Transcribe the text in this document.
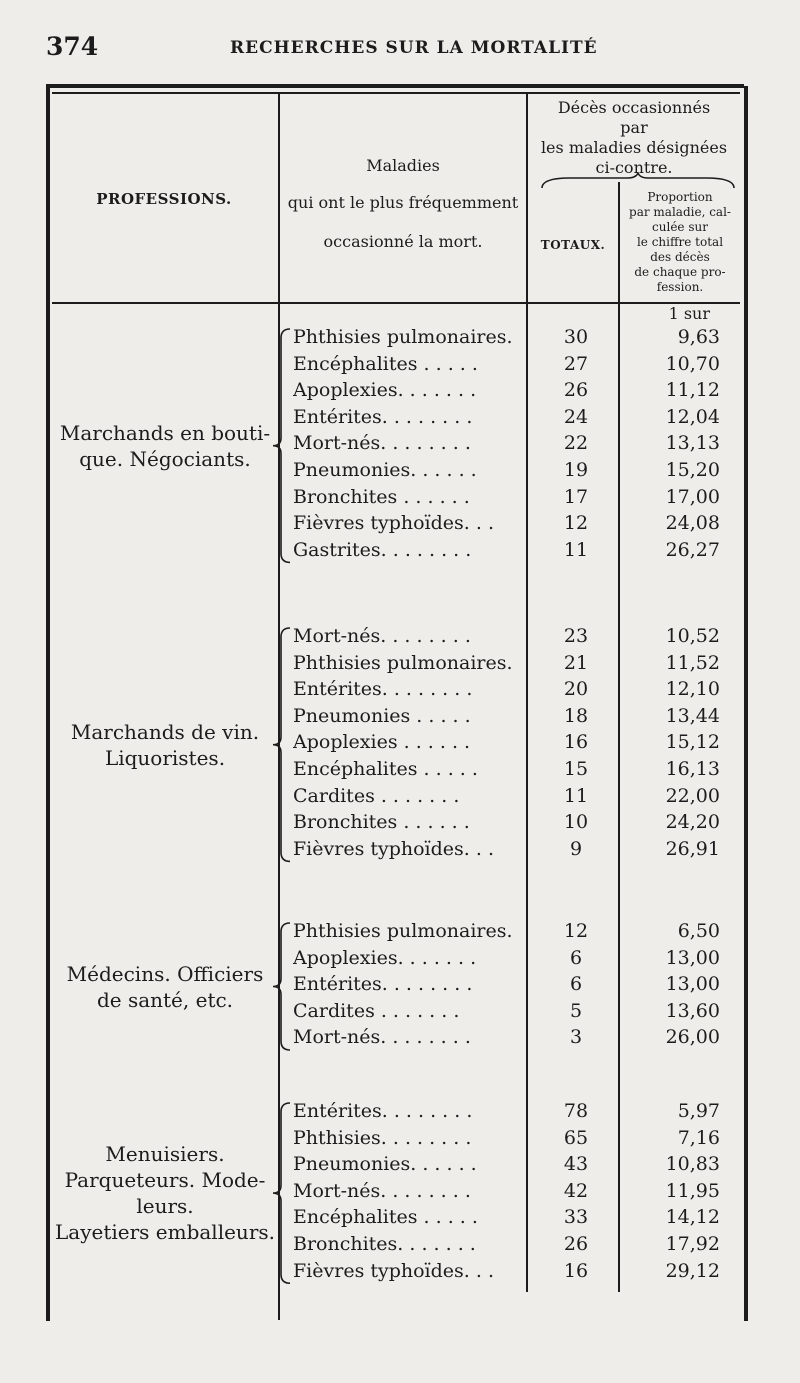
374	RECHERCHES SUR LA MORTALITÉ
PROFESSIONS.
Maladies
qui ont le plus fréquemment
occasionné la mort.
Décès occasionnés
par
les maladies désignées
ci-contre.
TOTAUX.
Proportion
par maladie, cal-
culée sur
le chiffre total
des décès
de chaque pro-
fession.
1 sur
Marchands en bouti-
que. Négociants.
Phthisies pulmonaires.	30	9,63
Encéphalites . . . . .	27	10,70
Apoplexies. . . . . . .	26	11,12
Entérites. . . . . . . .	24	12,04
Mort-nés. . . . . . . .	22	13,13
Pneumonies. . . . . .	19	15,20
Bronchites . . . . . .	17	17,00
Fièvres typhoïdes. . .	12	24,08
Gastrites. . . . . . . .	11	26,27
Marchands de vin.
Liquoristes.
Mort-nés. . . . . . . .	23	10,52
Phthisies pulmonaires.	21	11,52
Entérites. . . . . . . .	20	12,10
Pneumonies . . . . .	18	13,44
Apoplexies . . . . . .	16	15,12
Encéphalites . . . . .	15	16,13
Cardites . . . . . . .	11	22,00
Bronchites . . . . . .	10	24,20
Fièvres typhoïdes. . .	9	26,91
Médecins. Officiers
de santé, etc.
Phthisies pulmonaires.	12	6,50
Apoplexies. . . . . . .	6	13,00
Entérites. . . . . . . .	6	13,00
Cardites . . . . . . .	5	13,60
Mort-nés. . . . . . . .	3	26,00
Menuisiers.
Parqueteurs. Mode-
leurs.
Layetiers emballeurs.
Entérites. . . . . . . .	78	5,97
Phthisies. . . . . . . .	65	7,16
Pneumonies. . . . . .	43	10,83
Mort-nés. . . . . . . .	42	11,95
Encéphalites . . . . .	33	14,12
Bronchites. . . . . . .	26	17,92
Fièvres typhoïdes. . .	16	29,12
